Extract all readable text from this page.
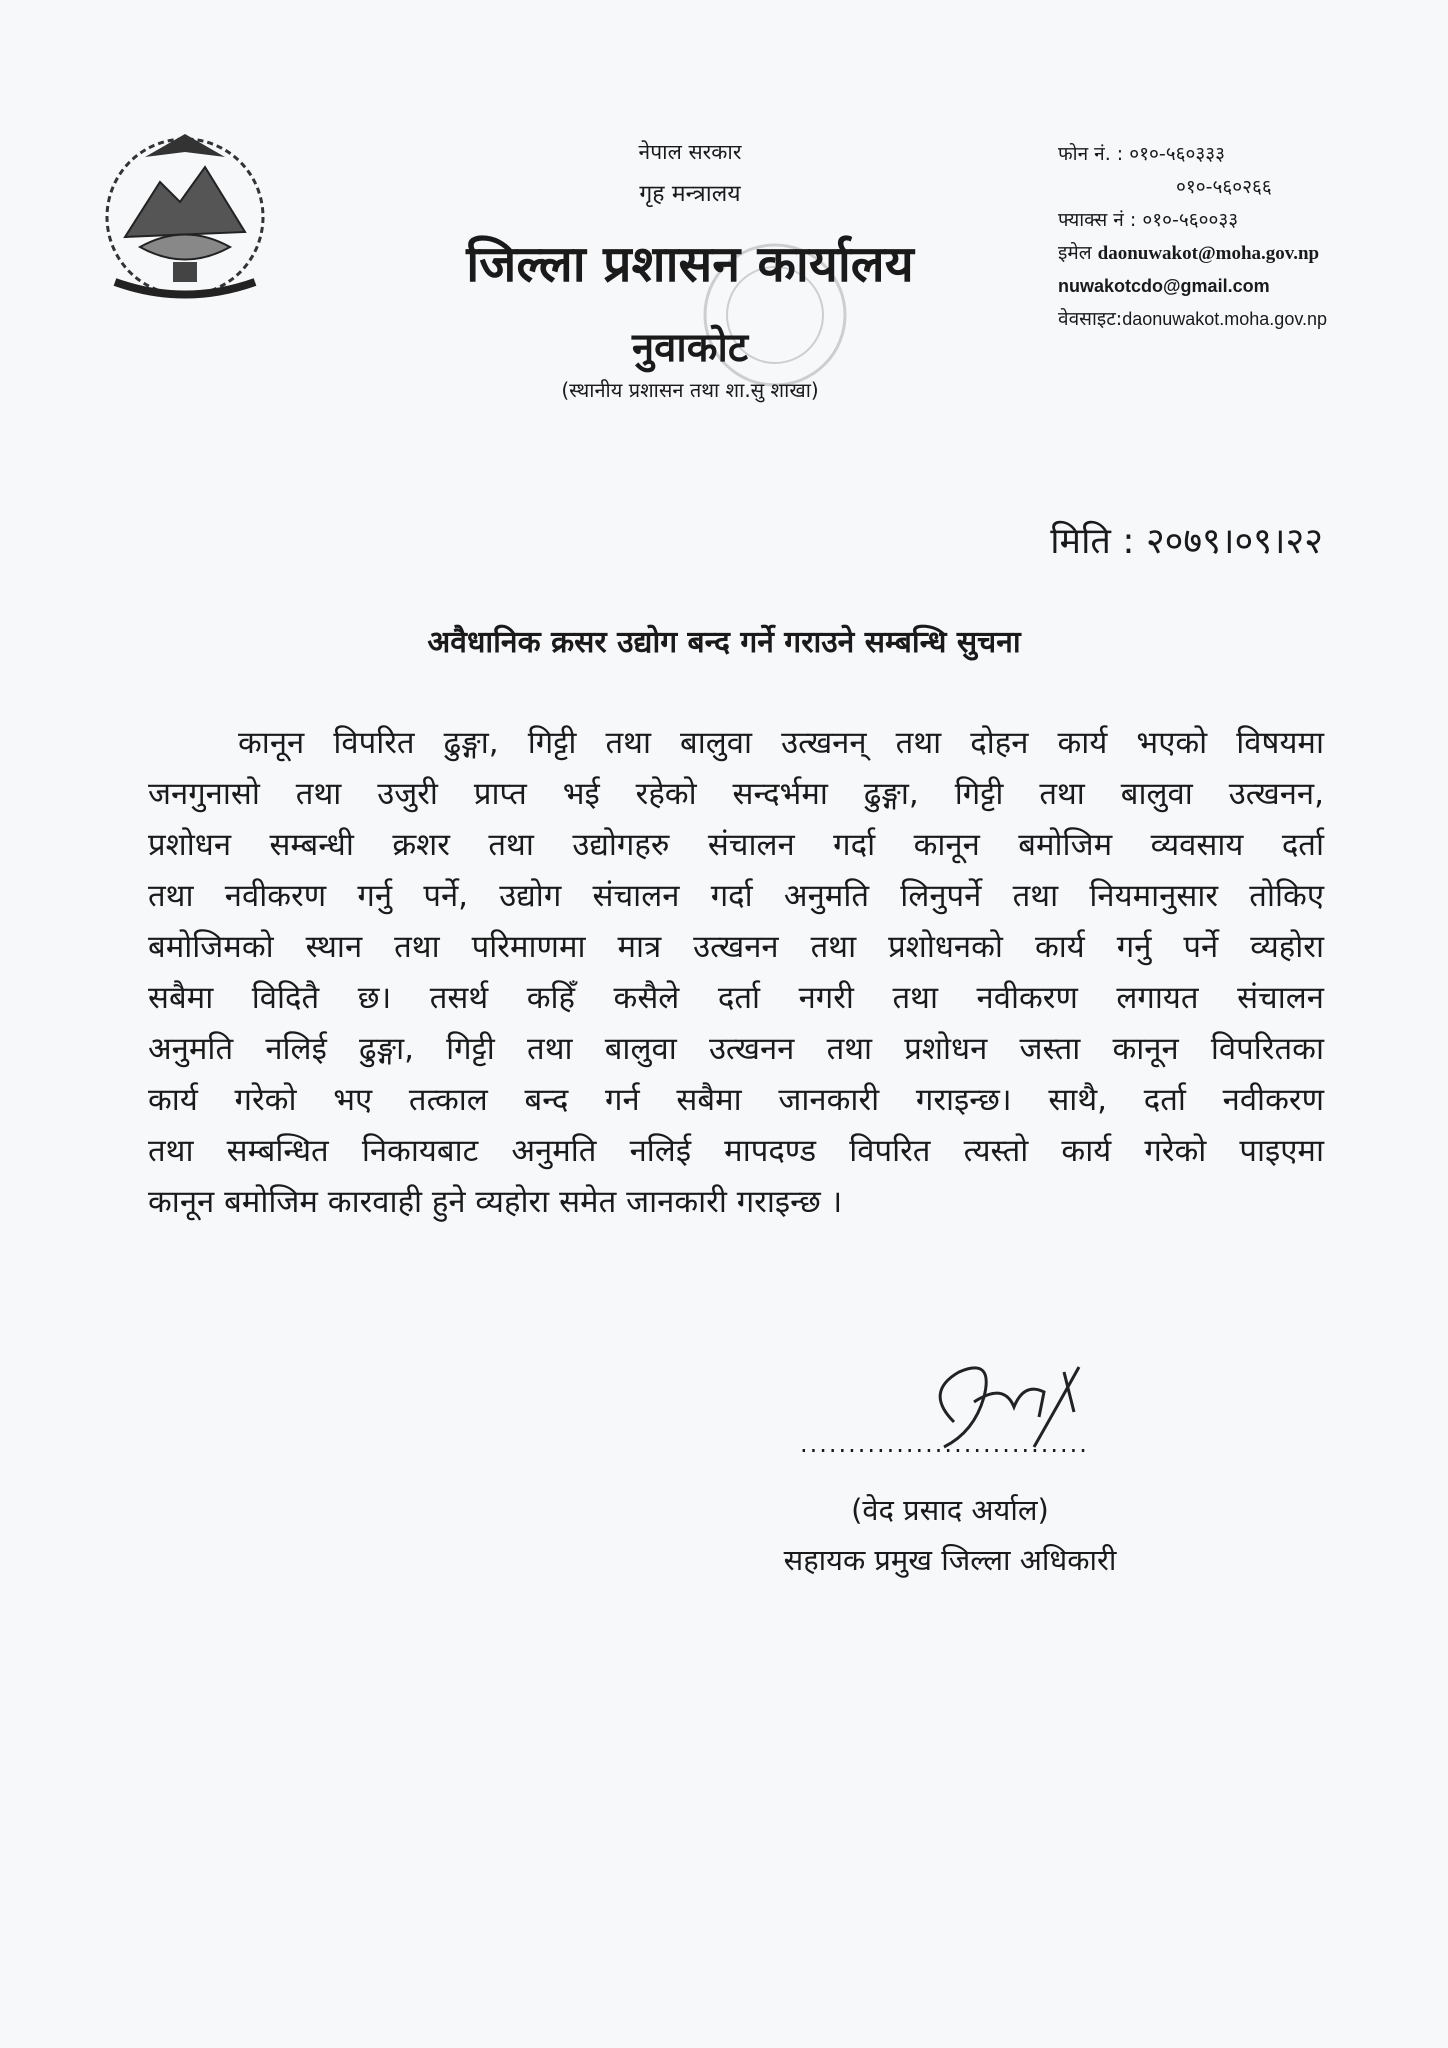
नेपाल सरकार
गृह मन्त्रालय
जिल्ला प्रशासन कार्यालय
नुवाकोट
(स्थानीय प्रशासन तथा शा.सु शाखा)
फोन नं. : ०१०-५६०३३३
०१०-५६०२६६
फ्याक्स नं : ०१०-५६००३३
इमेल daonuwakot@moha.gov.np
nuwakotcdo@gmail.com
वेवसाइट:daonuwakot.moha.gov.np
मिति : २०७९।०९।२२
अवैधानिक क्रसर उद्योग बन्द गर्ने गराउने सम्बन्धि सुचना
कानून विपरित ढुङ्गा, गिट्टी तथा बालुवा उत्खनन् तथा दोहन कार्य भएको विषयमा
जनगुनासो तथा उजुरी प्राप्त भई रहेको सन्दर्भमा ढुङ्गा, गिट्टी तथा बालुवा उत्खनन,
प्रशोधन सम्बन्धी क्रशर तथा उद्योगहरु संचालन गर्दा कानून बमोजिम व्यवसाय दर्ता
तथा नवीकरण गर्नु पर्ने, उद्योग संचालन गर्दा अनुमति लिनुपर्ने तथा नियमानुसार तोकिए
बमोजिमको स्थान तथा परिमाणमा मात्र उत्खनन तथा प्रशोधनको कार्य गर्नु पर्ने व्यहोरा
सबैमा विदितै छ। तसर्थ कहिँ कसैले दर्ता नगरी तथा नवीकरण लगायत संचालन
अनुमति नलिई ढुङ्गा, गिट्टी तथा बालुवा उत्खनन तथा प्रशोधन जस्ता कानून विपरितका
कार्य गरेको भए तत्काल बन्द गर्न सबैमा जानकारी गराइन्छ। साथै, दर्ता नवीकरण
तथा सम्बन्धित निकायबाट अनुमति नलिई मापदण्ड विपरित त्यस्तो कार्य गरेको पाइएमा
कानून बमोजिम कारवाही हुने व्यहोरा समेत जानकारी गराइन्छ ।
..............................
(वेद प्रसाद अर्याल)
सहायक प्रमुख जिल्ला अधिकारी
